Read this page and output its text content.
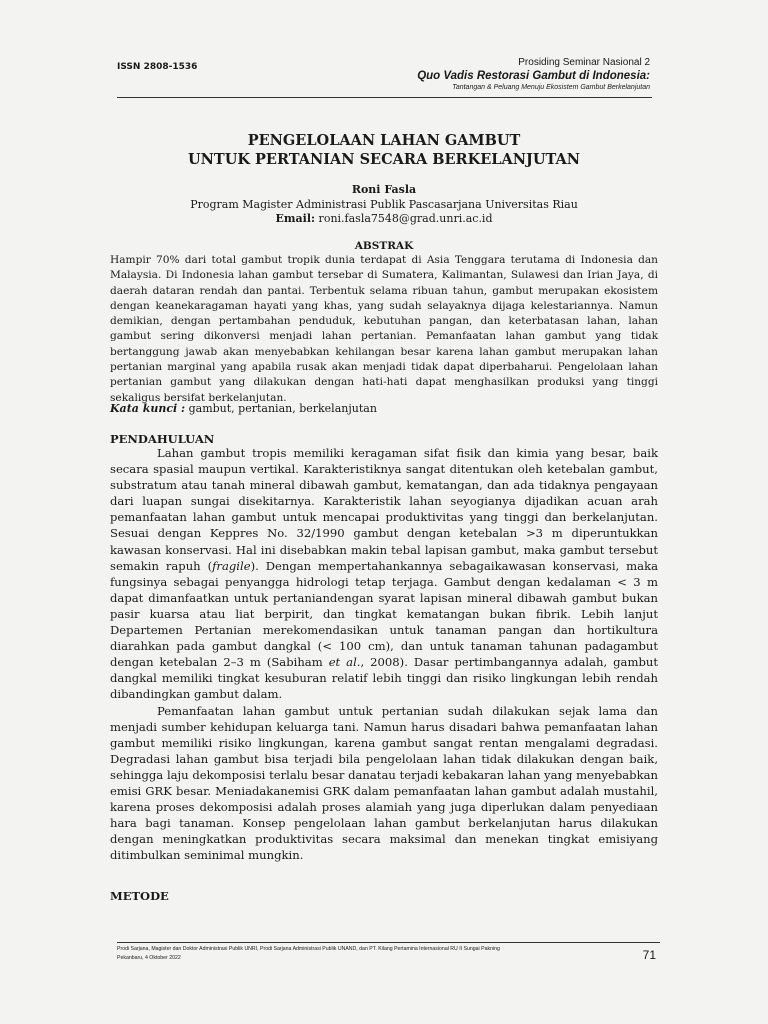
ISSN 2808-1536	Prosiding Seminar Nasional 2
Quo Vadis Restorasi Gambut di Indonesia:
Tantangan & Peluang Menuju Ekosistem Gambut Berkelanjutan
PENGELOLAAN LAHAN GAMBUT
UNTUK PERTANIAN SECARA BERKELANJUTAN
Roni Fasla
Program Magister Administrasi Publik Pascasarjana Universitas Riau
Email: roni.fasla7548@grad.unri.ac.id
ABSTRAK
Hampir 70% dari total gambut tropik dunia terdapat di Asia Tenggara terutama di Indonesia dan Malaysia. Di Indonesia lahan gambut tersebar di Sumatera, Kalimantan, Sulawesi dan Irian Jaya, di daerah dataran rendah dan pantai. Terbentuk selama ribuan tahun, gambut merupakan ekosistem dengan keanekaragaman hayati yang khas, yang sudah selayaknya dijaga kelestariannya. Namun demikian, dengan pertambahan penduduk, kebutuhan pangan, dan keterbatasan lahan, lahan gambut sering dikonversi menjadi lahan pertanian. Pemanfaatan lahan gambut yang tidak bertanggung jawab akan menyebabkan kehilangan besar karena lahan gambut merupakan lahan pertanian marginal yang apabila rusak akan menjadi tidak dapat diperbaharui. Pengelolaan lahan pertanian gambut yang dilakukan dengan hati-hati dapat menghasilkan produksi yang tinggi sekaligus bersifat berkelanjutan.
Kata kunci : gambut, pertanian, berkelanjutan
PENDAHULUAN

Lahan gambut tropis memiliki keragaman sifat fisik dan kimia yang besar, baik secara spasial maupun vertikal. Karakteristiknya sangat ditentukan oleh ketebalan gambut, substratum atau tanah mineral dibawah gambut, kematangan, dan ada tidaknya pengayaan dari luapan sungai disekitarnya. Karakteristik lahan seyogianya dijadikan acuan arah pemanfaatan lahan gambut untuk mencapai produktivitas yang tinggi dan berkelanjutan. Sesuai dengan Keppres No. 32/1990 gambut dengan ketebalan >3 m diperuntukkan kawasan konservasi. Hal ini disebabkan makin tebal lapisan gambut, maka gambut tersebut semakin rapuh (fragile). Dengan mempertahankannya sebagaikawasan konservasi, maka fungsinya sebagai penyangga hidrologi tetap terjaga. Gambut dengan kedalaman < 3 m dapat dimanfaatkan untuk pertaniandengan syarat lapisan mineral dibawah gambut bukan pasir kuarsa atau liat berpirit, dan tingkat kematangan bukan fibrik. Lebih lanjut Departemen Pertanian merekomendasikan untuk tanaman pangan dan hortikultura diarahkan pada gambut dangkal (< 100 cm), dan untuk tanaman tahunan padagambut dengan ketebalan 2–3 m (Sabiham et al., 2008). Dasar pertimbangannya adalah, gambut dangkal memiliki tingkat kesuburan relatif lebih tinggi dan risiko lingkungan lebih rendah dibandingkan gambut dalam.

Pemanfaatan lahan gambut untuk pertanian sudah dilakukan sejak lama dan menjadi sumber kehidupan keluarga tani. Namun harus disadari bahwa pemanfaatan lahan gambut memiliki risiko lingkungan, karena gambut sangat rentan mengalami degradasi. Degradasi lahan gambut bisa terjadi bila pengelolaan lahan tidak dilakukan dengan baik, sehingga laju dekomposisi terlalu besar danatau terjadi kebakaran lahan yang menyebabkan emisi GRK besar. Meniadakanemisi GRK dalam pemanfaatan lahan gambut adalah mustahil, karena proses dekomposisi adalah proses alamiah yang juga diperlukan dalam penyediaan hara bagi tanaman. Konsep pengelolaan lahan gambut berkelanjutan harus dilakukan dengan meningkatkan produktivitas secara maksimal dan menekan tingkat emisiyang ditimbulkan seminimal mungkin.

METODE
Prodi Sarjana, Magister dan Doktor Administrasi Publik UNRI, Prodi Sarjana Administrasi Publik UNAND, dan PT. Kilang Pertamina Internasional RU II Sungai Pakning
Pekanbaru, 4 Oktober 2022	71
